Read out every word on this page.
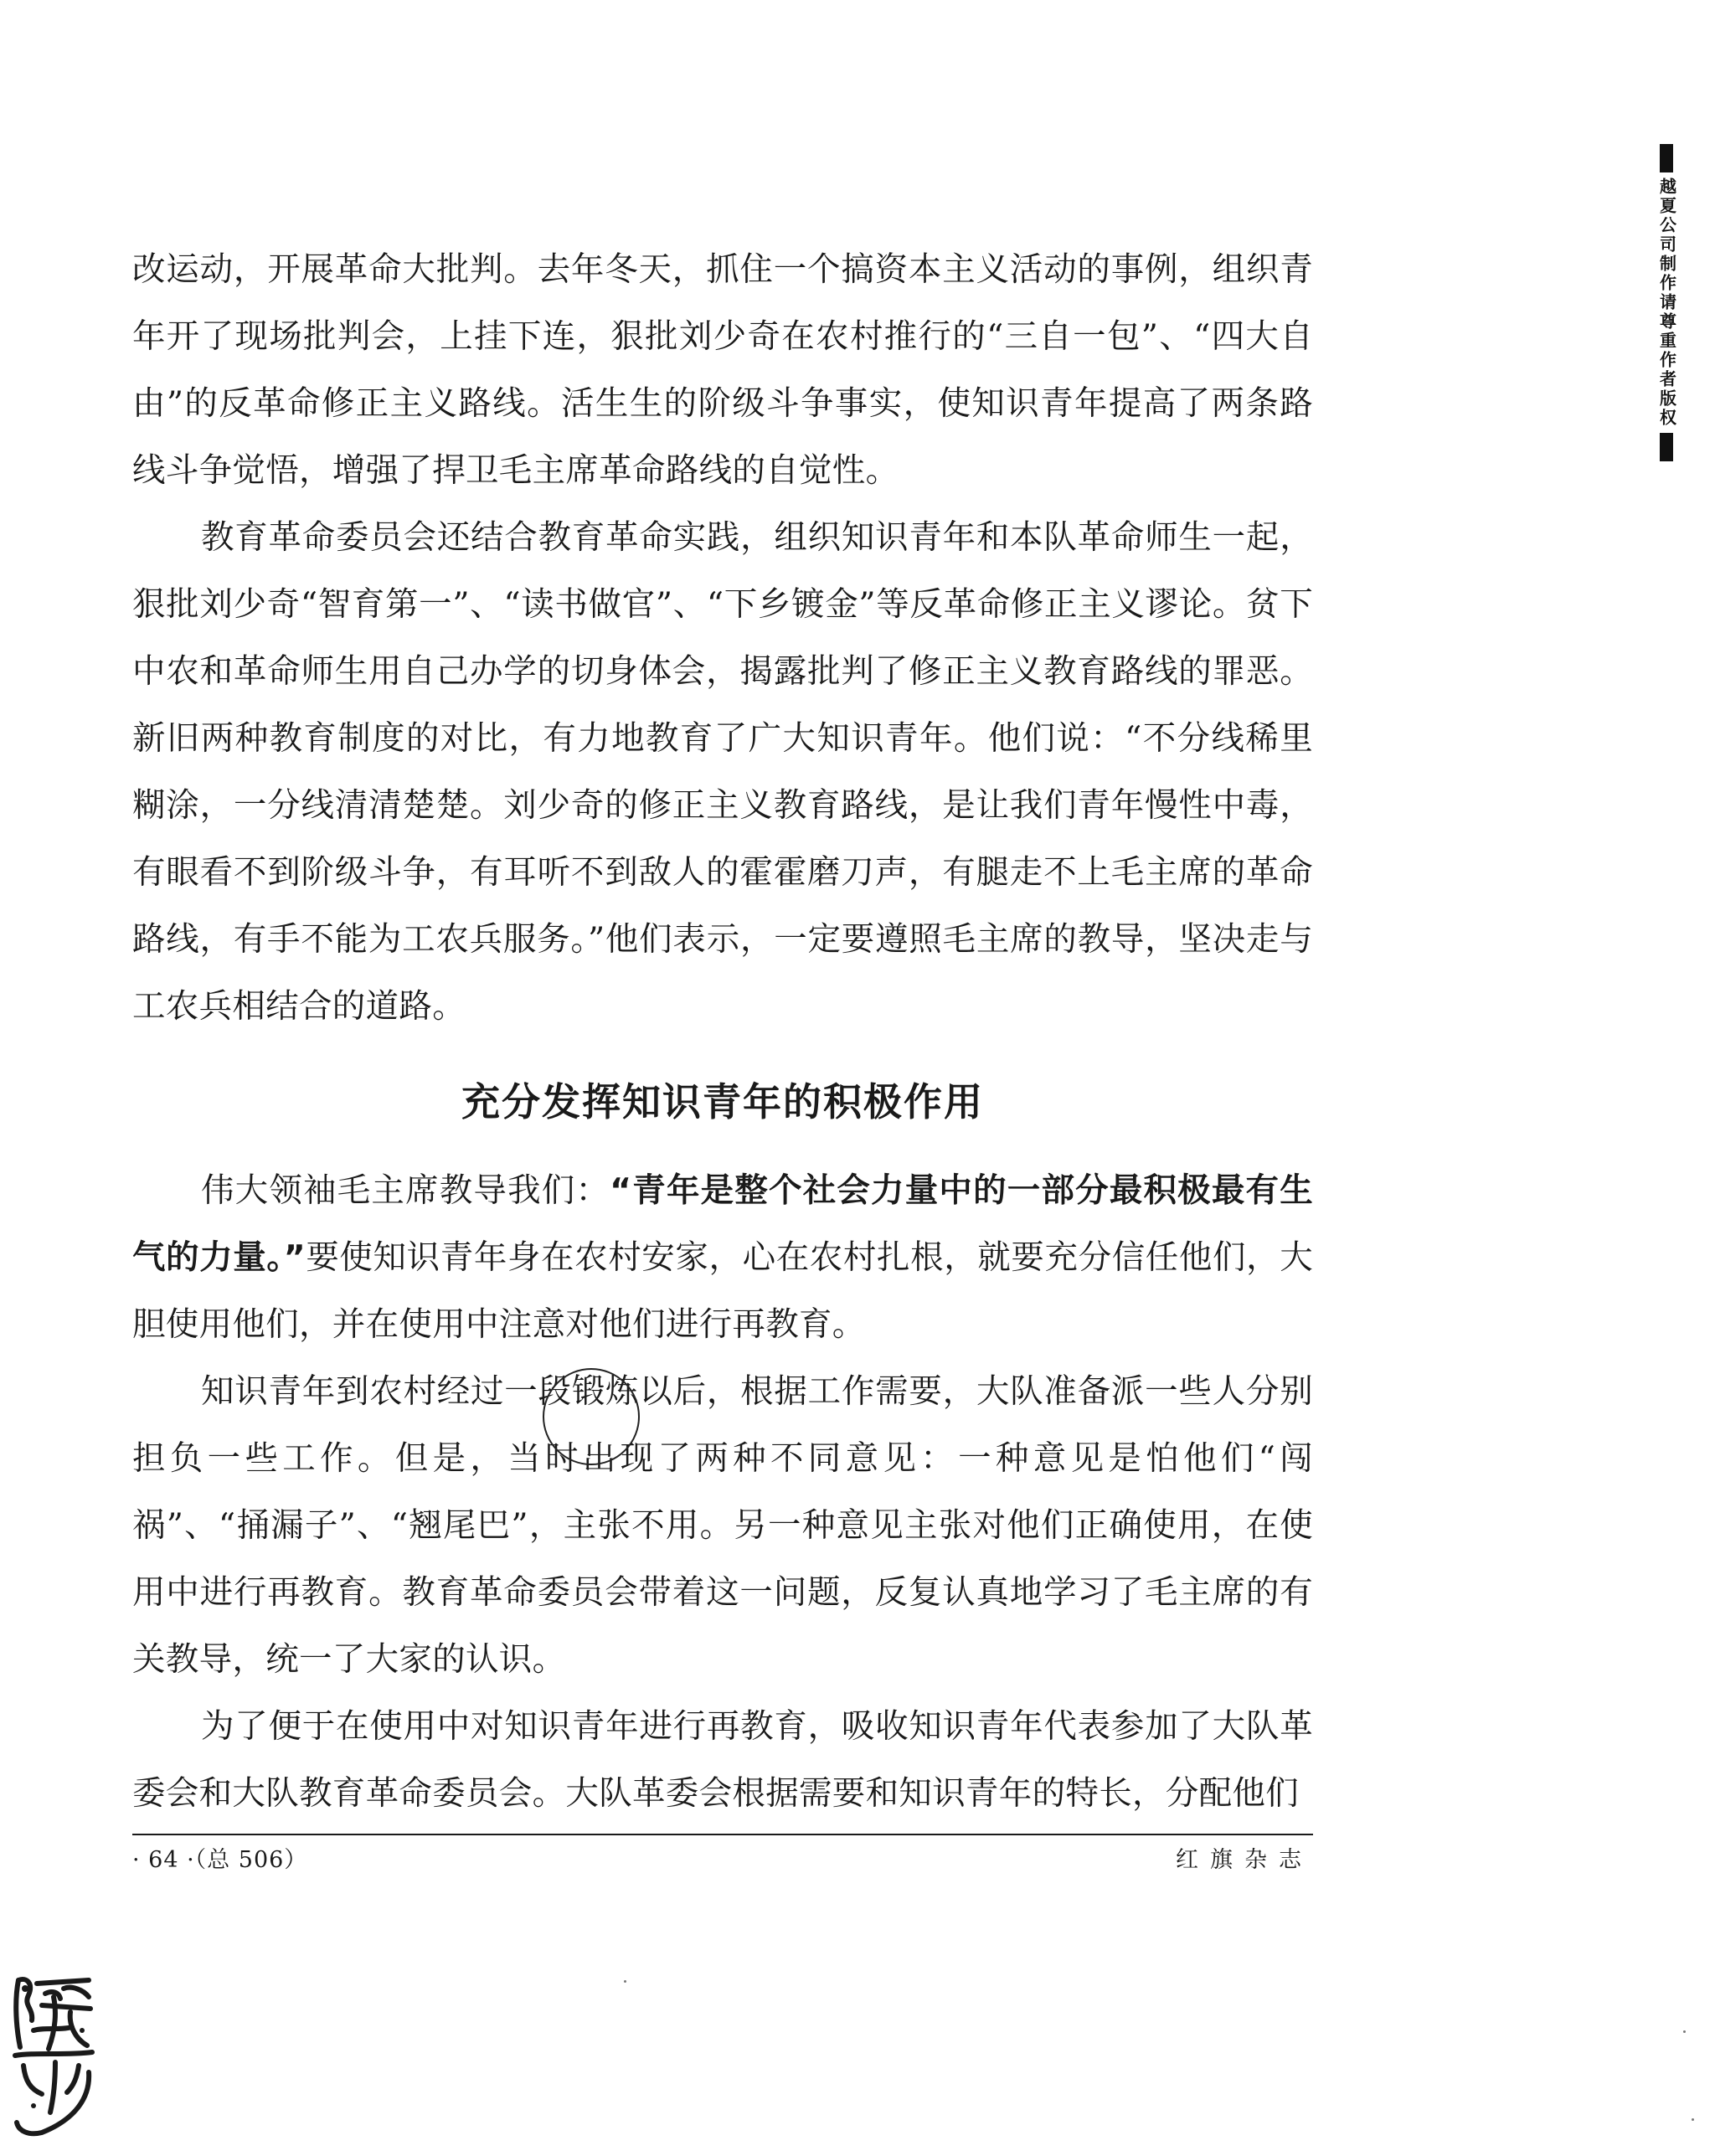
越夏公司制作请尊重作者版权

改运动，开展革命大批判。去年冬天，抓住一个搞资本主义活动的事例，组织青年开了现场批判会，上挂下连，狠批刘少奇在农村推行的“三自一包”、“四大自由”的反革命修正主义路线。活生生的阶级斗争事实，使知识青年提高了两条路线斗争觉悟，增强了捍卫毛主席革命路线的自觉性。

教育革命委员会还结合教育革命实践，组织知识青年和本队革命师生一起，狠批刘少奇“智育第一”、“读书做官”、“下乡镀金”等反革命修正主义谬论。贫下中农和革命师生用自己办学的切身体会，揭露批判了修正主义教育路线的罪恶。新旧两种教育制度的对比，有力地教育了广大知识青年。他们说：“不分线稀里糊涂，一分线清清楚楚。刘少奇的修正主义教育路线，是让我们青年慢性中毒，有眼看不到阶级斗争，有耳听不到敌人的霍霍磨刀声，有腿走不上毛主席的革命路线，有手不能为工农兵服务。”他们表示，一定要遵照毛主席的教导，坚决走与工农兵相结合的道路。

充分发挥知识青年的积极作用

伟大领袖毛主席教导我们：“青年是整个社会力量中的一部分最积极最有生气的力量。”要使知识青年身在农村安家，心在农村扎根，就要充分信任他们，大胆使用他们，并在使用中注意对他们进行再教育。

知识青年到农村经过一段锻炼以后，根据工作需要，大队准备派一些人分别担负一些工作。但是，当时出现了两种不同意见：一种意见是怕他们“闯祸”、“捅漏子”、“翘尾巴”，主张不用。另一种意见主张对他们正确使用，在使用中进行再教育。教育革命委员会带着这一问题，反复认真地学习了毛主席的有关教导，统一了大家的认识。

为了便于在使用中对知识青年进行再教育，吸收知识青年代表参加了大队革委会和大队教育革命委员会。大队革委会根据需要和知识青年的特长，分配他们

· 64 ·（总 506）	红旗杂志
